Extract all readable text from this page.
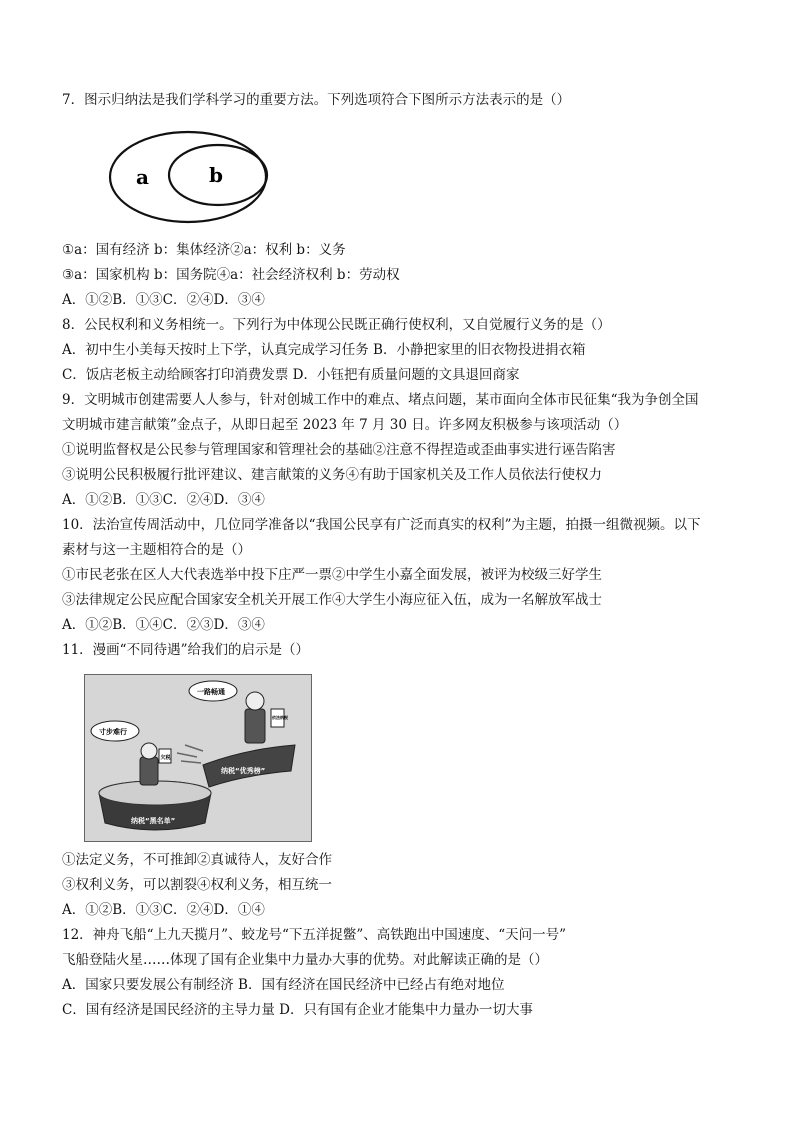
7．图示归纳法是我们学科学习的重要方法。下列选项符合下图所示方法表示的是（）
a	b
①a：国有经济 b：集体经济②a：权利 b：义务
③a：国家机构 b：国务院④a：社会经济权利 b：劳动权
A．①②B．①③C．②④D．③④
8．公民权利和义务相统一。下列行为中体现公民既正确行使权利，又自觉履行义务的是（）
A．初中生小美每天按时上下学，认真完成学习任务 B．小静把家里的旧衣物投进捐衣箱
C．饭店老板主动给顾客打印消费发票 D．小钰把有质量问题的文具退回商家
9．文明城市创建需要人人参与，针对创城工作中的难点、堵点问题，某市面向全体市民征集“我为争创全国
文明城市建言献策”金点子，从即日起至 2023 年 7 月 30 日。许多网友积极参与该项活动（）
①说明监督权是公民参与管理国家和管理社会的基础②注意不得捏造或歪曲事实进行诬告陷害
③说明公民积极履行批评建议、建言献策的义务④有助于国家机关及工作人员依法行使权力
A．①②B．①③C．②④D．③④
10．法治宣传周活动中，几位同学准备以“我国公民享有广泛而真实的权利”为主题，拍摄一组微视频。以下
素材与这一主题相符合的是（）
①市民老张在区人大代表选举中投下庄严一票②中学生小嘉全面发展，被评为校级三好学生
③法律规定公民应配合国家安全机关开展工作④大学生小海应征入伍，成为一名解放军战士
A．①②B．①④C．②③D．③④
11．漫画“不同待遇”给我们的启示是（）
欠税
纳税“黑名单”
寸步难行
纳税“优秀榜”
依法纳税
一路畅通
①法定义务，不可推卸②真诚待人，友好合作
③权利义务，可以割裂④权利义务，相互统一
A．①②B．①③C．②④D．①④
12．神舟飞船“上九天揽月”、蛟龙号“下五洋捉鳖”、高铁跑出中国速度、“天问一号”
飞船登陆火星……体现了国有企业集中力量办大事的优势。对此解读正确的是（）
A．国家只要发展公有制经济 B．国有经济在国民经济中已经占有绝对地位
C．国有经济是国民经济的主导力量 D．只有国有企业才能集中力量办一切大事
